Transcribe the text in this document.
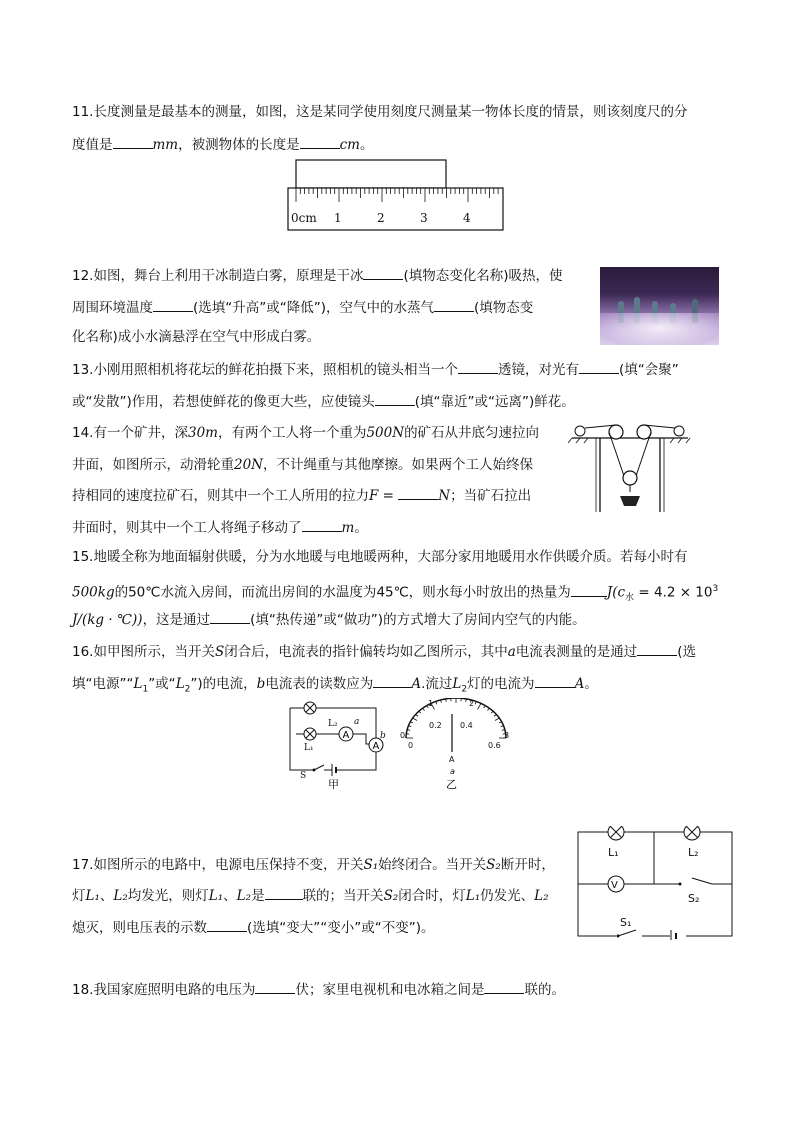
11.长度测量是最基本的测量，如图，这是某同学使用刻度尺测量某一物体长度的情景，则该刻度尺的分
度值是	mm，被测物体的长度是	cm。
0cm 1	2	3	4
12.如图，舞台上利用干冰制造白雾，原理是干冰	(填物态变化名称)吸热，使
周围环境温度	(选填“升高”或“降低”)，空气中的水蒸气	(填物态变
化名称)成小水滴悬浮在空气中形成白雾。
13.小刚用照相机将花坛的鲜花拍摄下来，照相机的镜头相当一个	透镜，对光有	(填“会聚”
或“发散”)作用，若想使鲜花的像更大些，应使镜头	(填“靠近”或“远离”)鲜花。
14.有一个矿井，深30m，有两个工人将一个重为500N的矿石从井底匀速拉向
井面，如图所示，动滑轮重20N，不计绳重与其他摩擦。如果两个工人始终保
持相同的速度拉矿石，则其中一个工人所用的拉力F =	N；当矿石拉出
井面时，则其中一个工人将绳子移动了	m。
15.地暖全称为地面辐射供暖，分为水地暖与电地暖两种，大部分家用地暖用水作供暖介质。若每小时有
500kg的50℃水流入房间，而流出房间的水温度为45℃，则水每小时放出的热量为	$J(c_水 = 4.2 \times 10^3$
J/(kg · ℃))，这是通过	(填“热传递”或“做功”)的方式增大了房间内空气的内能。
16.如甲图所示，当开关S闭合后，电流表的指针偏转均如乙图所示，其中a电流表测量的是通过	(选
填“电源$”“L_1$”或“$L_2$”)的电流，b电流表的读数应为	A.流过$L_2$灯的电流为	A。
A
A
L₂ a
L₁
b
S
甲
1	2
0.2 0.4
0	3
0	0.6
A
a
乙
V
L₁	L₂
S₂
S₁
17.如图所示的电路中，电源电压保持不变，开关S₁始终闭合。当开关S₂断开时，
灯L₁、L₂均发光，则灯L₁、L₂是	联的；当开关S₂闭合时，灯L₁仍发光、L₂
熄灭，则电压表的示数	(选填“变大”“变小”或“不变”)。
18.我国家庭照明电路的电压为	伏；家里电视机和电冰箱之间是	联的。
